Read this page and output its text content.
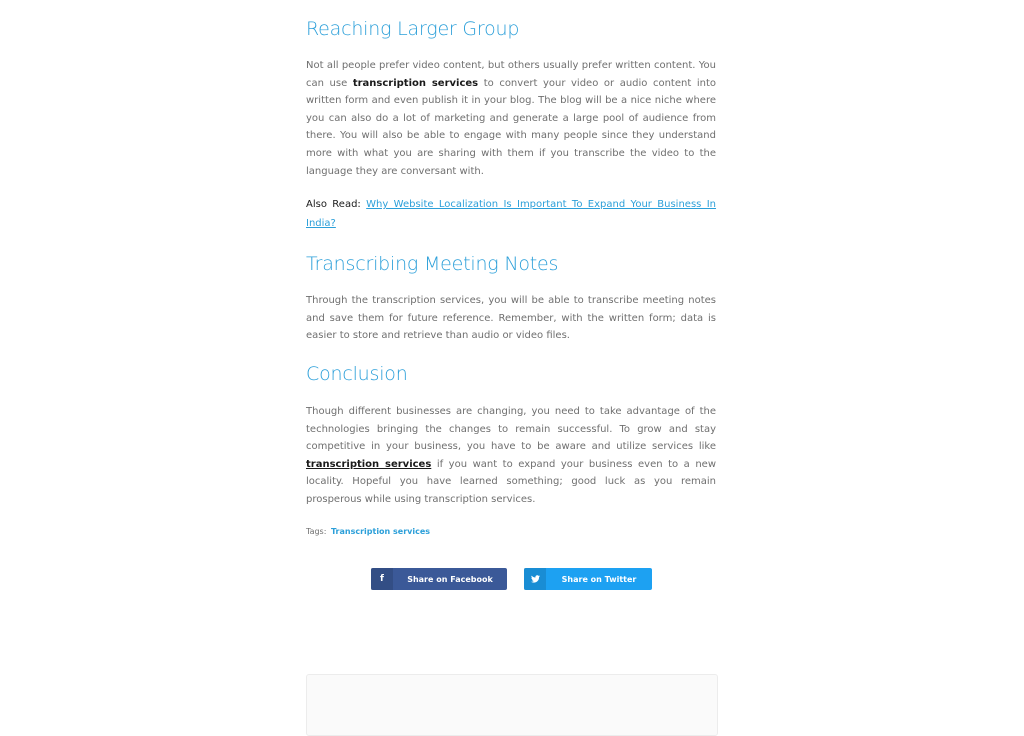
Reaching Larger Group

Not all people prefer video content, but others usually prefer written content. You can use transcription services to convert your video or audio content into written form and even publish it in your blog. The blog will be a nice niche where you can also do a lot of marketing and generate a large pool of audience from there. You will also be able to engage with many people since they understand more with what you are sharing with them if you transcribe the video to the language they are conversant with.

Also Read: Why Website Localization Is Important To Expand Your Business In India?

Transcribing Meeting Notes

Through the transcription services, you will be able to transcribe meeting notes and save them for future reference. Remember, with the written form; data is easier to store and retrieve than audio or video files.

Conclusion

Though different businesses are changing, you need to take advantage of the technologies bringing the changes to remain successful. To grow and stay competitive in your business, you have to be aware and utilize services like transcription services if you want to expand your business even to a new locality. Hopeful you have learned something; good luck as you remain prosperous while using transcription services.

Tags: Transcription services
f	Share on Facebook	Share on Twitter
